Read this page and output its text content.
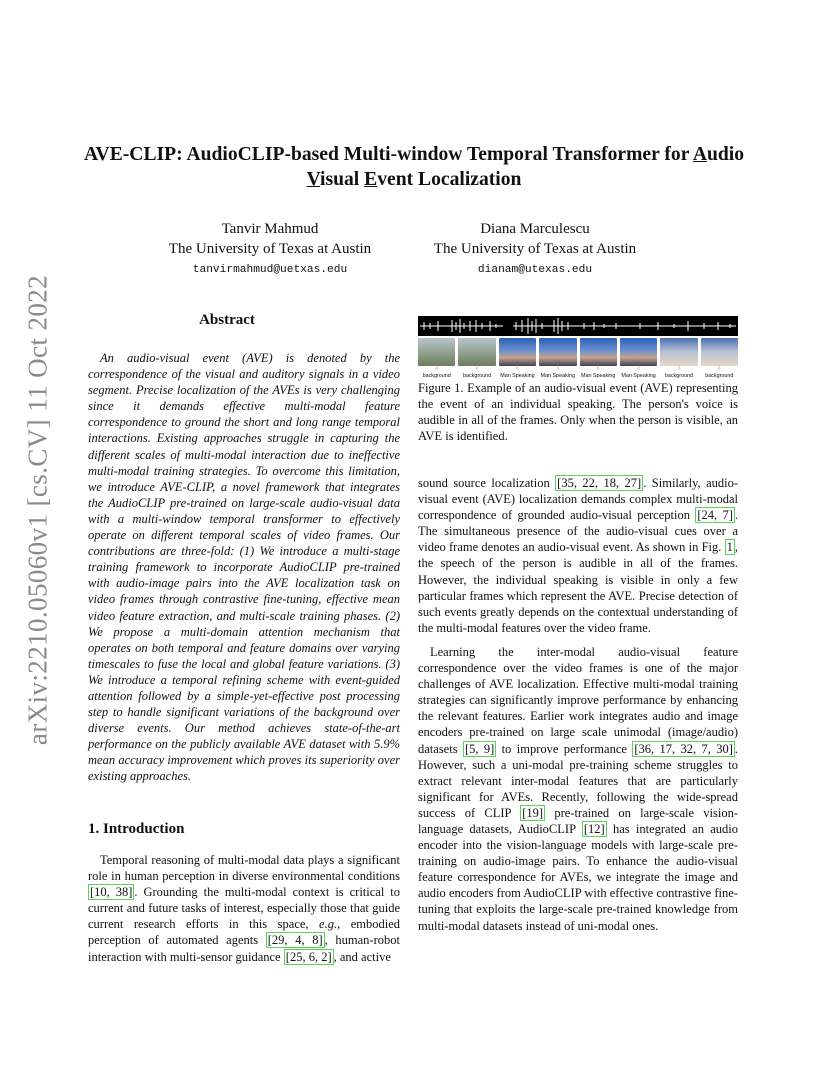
AVE-CLIP: AudioCLIP-based Multi-window Temporal Transformer for Audio
Visual Event Localization
Tanvir Mahmud
The University of Texas at Austin
tanvirmahmud@uetxas.edu
Diana Marculescu
The University of Texas at Austin
dianam@utexas.edu
arXiv:2210.05060v1 [cs.CV] 11 Oct 2022	Abstract

An audio-visual event (AVE) is denoted by the correspondence of the visual and auditory signals in a video segment. Precise localization of the AVEs is very challenging since it demands effective multi-modal feature correspondence to ground the short and long range temporal interactions. Existing approaches struggle in capturing the different scales of multi-modal interaction due to ineffective multi-modal training strategies. To overcome this limitation, we introduce AVE-CLIP, a novel framework that integrates the AudioCLIP pre-trained on large-scale audio-visual data with a multi-window temporal transformer to effectively operate on different temporal scales of video frames. Our contributions are three-fold: (1) We introduce a multi-stage training framework to incorporate AudioCLIP pre-trained with audio-image pairs into the AVE localization task on video frames through contrastive fine-tuning, effective mean video feature extraction, and multi-scale training phases. (2) We propose a multi-domain attention mechanism that operates on both temporal and feature domains over varying timescales to fuse the local and global feature variations. (3) We introduce a temporal refining scheme with event-guided attention followed by a simple-yet-effective post processing step to handle significant variations of the background over diverse events. Our method achieves state-of-the-art performance on the publicly available AVE dataset with 5.9% mean accuracy improvement which proves its superiority over existing approaches.

1. Introduction

Temporal reasoning of multi-modal data plays a significant role in human perception in diverse environmental conditions [10, 38] . Grounding the multi-modal context is critical to current and future tasks of interest, especially those that guide current research efforts in this space, e.g., embodied perception of automated agents [29, 4, 8] , human-robot interaction with multi-sensor guidance [25, 6, 2] , and active

⇩
background
⇩
background
⇩
Man Speaking
⇩
Man Speaking
⇩
Man Speaking
⇩
Man Speaking
⇩
background
⇩
background

Figure 1. Example of an audio-visual event (AVE) representing the event of an individual speaking. The person's voice is audible in all of the frames. Only when the person is visible, an AVE is identified.

sound source localization [35, 22, 18, 27] . Similarly, audio-visual event (AVE) localization demands complex multi-modal correspondence of grounded audio-visual perception [24, 7] . The simultaneous presence of the audio-visual cues over a video frame denotes an audio-visual event. As shown in Fig. 1 , the speech of the person is audible in all of the frames. However, the individual speaking is visible in only a few particular frames which represent the AVE. Precise detection of such events greatly depends on the contextual understanding of the multi-modal features over the video frame.

Learning the inter-modal audio-visual feature correspondence over the video frames is one of the major challenges of AVE localization. Effective multi-modal training strategies can significantly improve performance by enhancing the relevant features. Earlier work integrates audio and image encoders pre-trained on large scale unimodal (image/audio) datasets [5, 9] to improve performance [36, 17, 32, 7, 30] . However, such a uni-modal pre-training scheme struggles to extract relevant inter-modal features that are particularly significant for AVEs. Recently, following the wide-spread success of CLIP [19] pre-trained on large-scale vision-language datasets, AudioCLIP [12] has integrated an audio encoder into the vision-language models with large-scale pre-training on audio-image pairs. To enhance the audio-visual feature correspondence for AVEs, we integrate the image and audio encoders from AudioCLIP with effective contrastive fine-tuning that exploits the large-scale pre-trained knowledge from multi-modal datasets instead of uni-modal ones.
